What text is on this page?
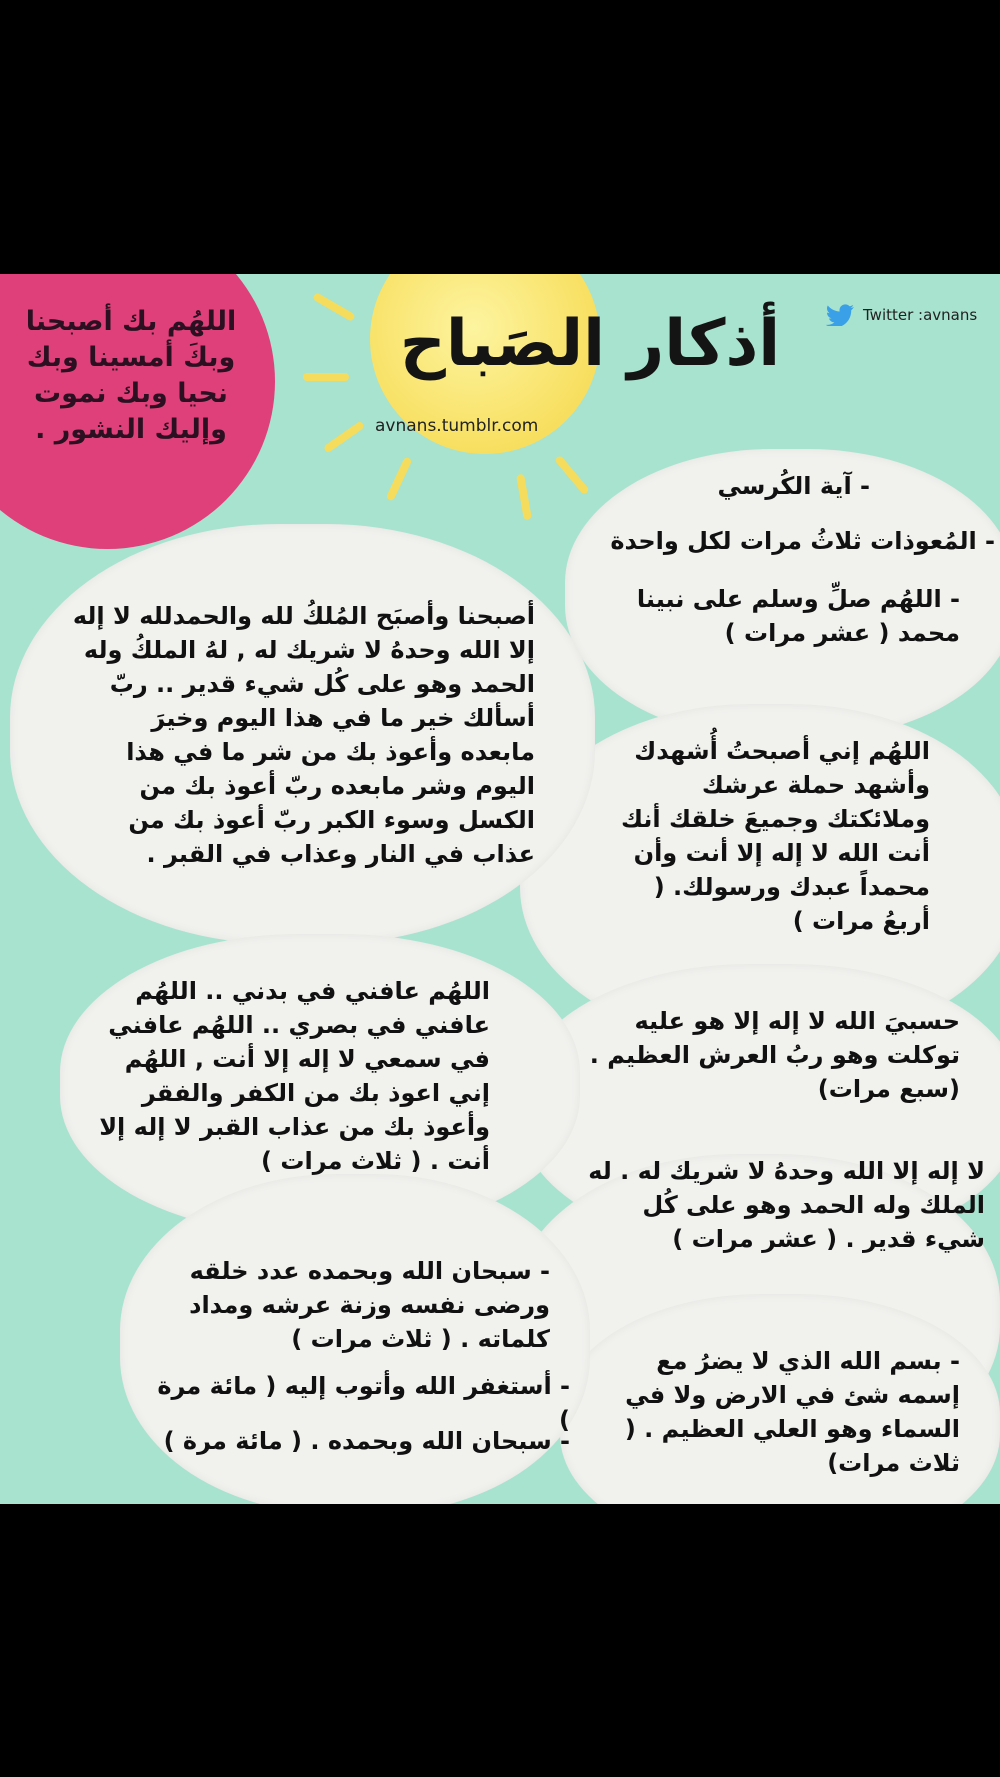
اللهُم بك أصبحنا وبكَ أمسينا وبك نحيا وبك نموت وإليك النشور .
أذكار الصَباح
avnans.tumblr.com
Twitter :avnans
- آية الكُرسي
- المُعوذات ثلاثُ مرات لكل واحدة
- اللهُم صلِّ وسلم على نبينا محمد ( عشر مرات )
اللهُم إني أصبحتُ أُشهدك وأشهد حملة عرشك وملائكتك وجميعَ خلقك أنك أنت الله لا إله إلا أنت وأن محمداً عبدك ورسولك. ( أربعُ مرات )
حسبيَ الله لا إله إلا هو عليه توكلت وهو ربُ العرش العظيم . (سبع مرات)
لا إله إلا الله وحدهُ لا شريك له . له الملك وله الحمد وهو على كُل شيء قدير . ( عشر مرات )
- بسم الله الذي لا يضرُ مع إسمه شئ في الارض ولا في السماء وهو العلي العظيم . ( ثلاث مرات)
أصبحنا وأصبَح المُلكُ لله والحمدلله لا إله إلا الله وحدهُ لا شريك له , لهُ الملكُ وله الحمد وهو على كُل شيء قدير .. ربّ أسألك خير ما في هذا اليوم وخيرَ مابعده وأعوذ بك من شر ما في هذا اليوم وشر مابعده ربّ أعوذ بك من الكسل وسوء الكبر ربّ أعوذ بك من عذاب في النار وعذاب في القبر .
اللهُم عافني في بدني .. اللهُم عافني في بصري .. اللهُم عافني في سمعي لا إله إلا أنت , اللهُم إني اعوذ بك من الكفر والفقر وأعوذ بك من عذاب القبر لا إله إلا أنت . ( ثلاث مرات )
- سبحان الله وبحمده عدد خلقه ورضى نفسه وزنة عرشه ومداد كلماته . ( ثلاث مرات )
- أستغفر الله وأتوب إليه ( مائة مرة )
- سبحان الله وبحمده . ( مائة مرة )
